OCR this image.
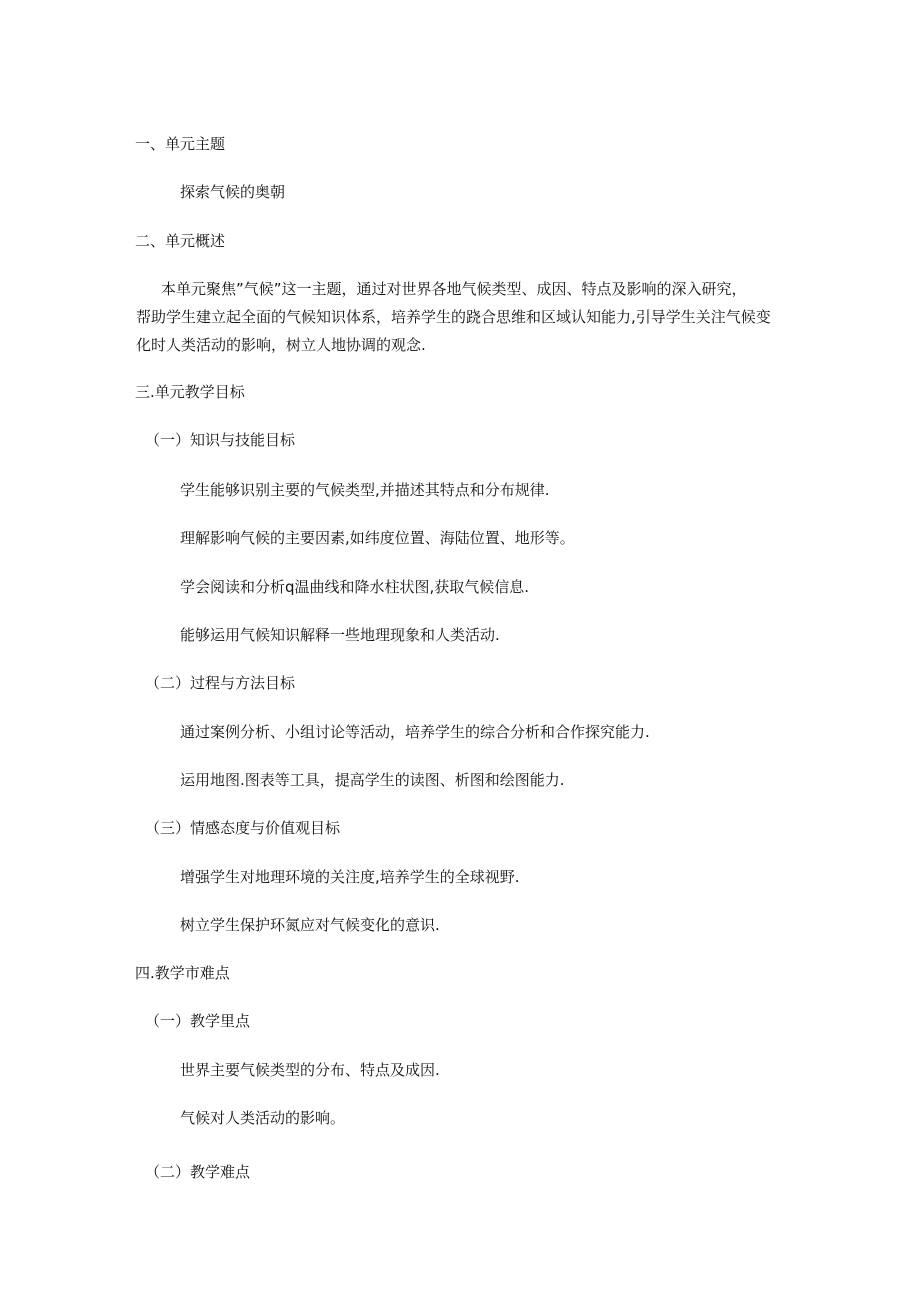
一、单元主题
探索气候的奥朝
二、单元概述
本单元聚焦”气候”这一主题，通过对世界各地气候类型、成因、特点及影响的深入研究，
帮助学生建立起全面的气候知识体系，培养学生的跷合思维和区域认知能力,引导学生关注气候变
化时人类活动的影响，树立人地协调的观念.
三.单元教学目标
（一）知识与技能目标
学生能够识别主要的气候类型,并描述其特点和分布规律.
理解影响气候的主要因素,如纬度位置、海陆位置、地形等。
学会阅读和分析q温曲线和降水柱状图,获取气候信息.
能够运用气候知识解释一些地理现象和人类活动.
（二）过程与方法目标
通过案例分析、小组讨论等活动，培养学生的综合分析和合作探究能力.
运用地图.图表等工具，提高学生的读图、析图和绘图能力.
（三）情感态度与价值观目标
增强学生对地理环境的关注度,培养学生的全球视野.
树立学生保护环氮应对气候变化的意识.
四.教学市难点
（一）教学里点
世界主要气候类型的分布、特点及成因.
气候对人类活动的影响。
（二）教学难点
